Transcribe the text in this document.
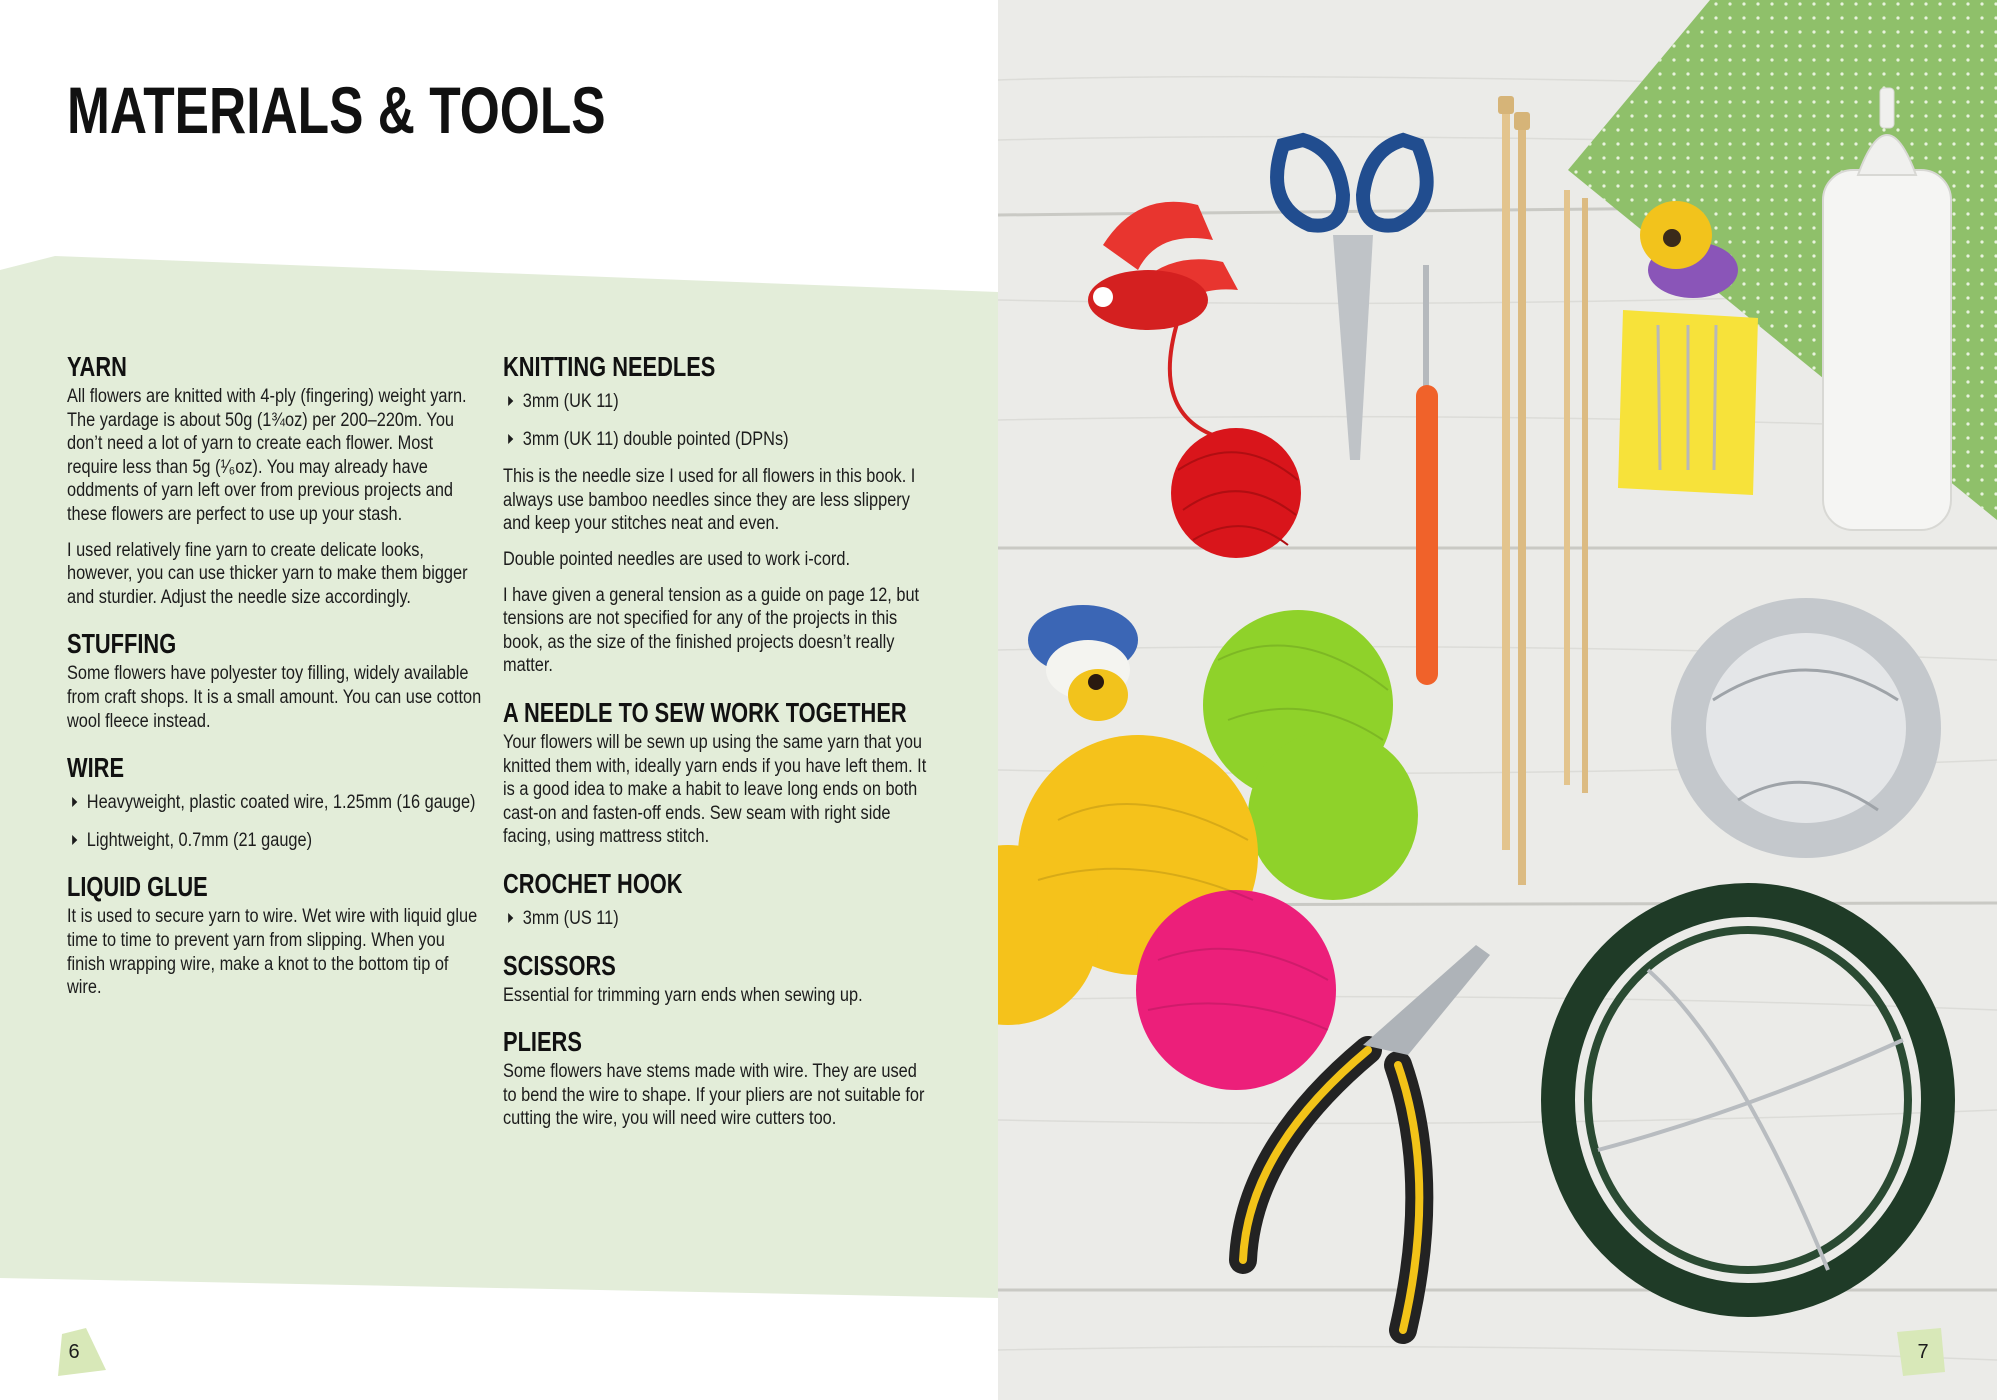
MATERIALS & TOOLS
YARN

All flowers are knitted with 4-ply (fingering) weight yarn. The yardage is about 50g (1¾oz) per 200–220m. You don’t need a lot of yarn to create each flower. Most require less than 5g (¹⁄₆oz). You may already have oddments of yarn left over from previous projects and these flowers are perfect to use up your stash.

I used relatively fine yarn to create delicate looks, however, you can use thicker yarn to make them bigger and sturdier. Adjust the needle size accordingly.

STUFFING

Some flowers have polyester toy filling, widely available from craft shops. It is a small amount. You can use cotton wool fleece instead.

WIRE
Heavyweight, plastic coated wire, 1.25mm (16 gauge)
Lightweight, 0.7mm (21 gauge)
LIQUID GLUE

It is used to secure yarn to wire. Wet wire with liquid glue time to time to prevent yarn from slipping. When you finish wrapping wire, make a knot to the bottom tip of wire.

KNITTING NEEDLES
3mm (UK 11)
3mm (UK 11) double pointed (DPNs)

This is the needle size I used for all flowers in this book. I always use bamboo needles since they are less slippery and keep your stitches neat and even.

Double pointed needles are used to work i-cord.

I have given a general tension as a guide on page 12, but tensions are not specified for any of the projects in this book, as the size of the finished projects doesn’t really matter.

A NEEDLE TO SEW WORK TOGETHER

Your flowers will be sewn up using the same yarn that you knitted them with, ideally yarn ends if you have left them. It is a good idea to make a habit to leave long ends on both cast-on and fasten-off ends. Sew seam with right side facing, using mattress stitch.

CROCHET HOOK
3mm (US 11)
SCISSORS

Essential for trimming yarn ends when sewing up.

PLIERS

Some flowers have stems made with wire. They are used to bend the wire to shape. If your pliers are not suitable for cutting the wire, you will need wire cutters too.

6	7
